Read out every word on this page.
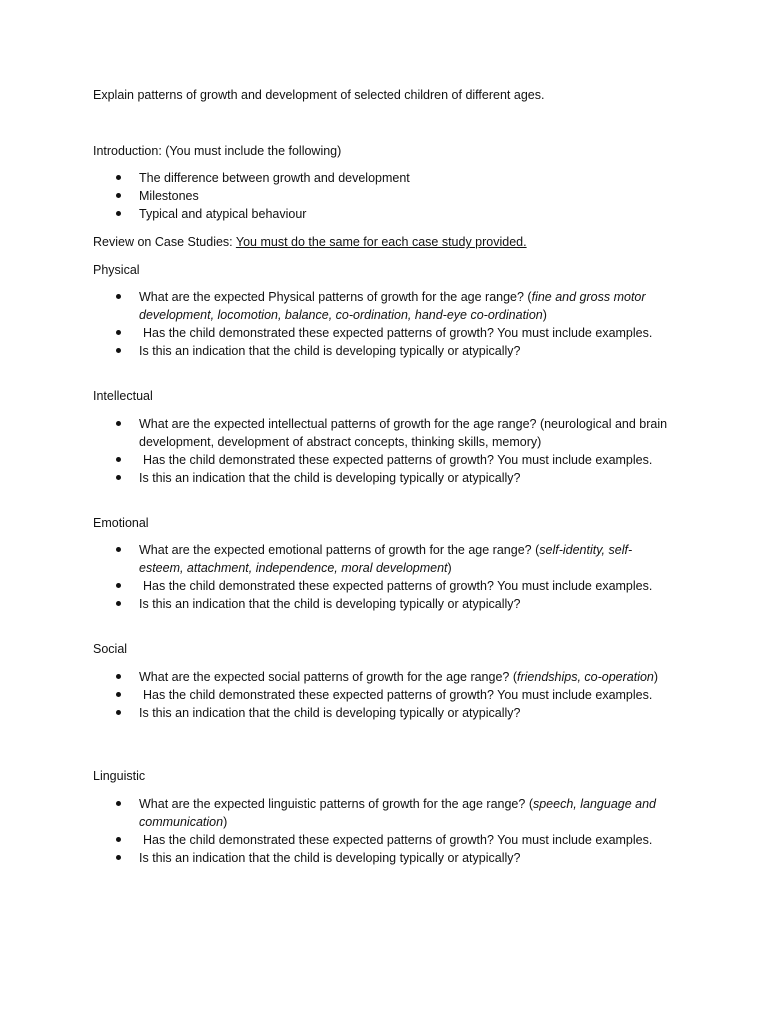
Explain patterns of growth and development of selected children of different ages.
Introduction: (You must include the following)
The difference between growth and development
Milestones
Typical and atypical behaviour
Review on Case Studies: You must do the same for each case study provided.
Physical
What are the expected Physical patterns of growth for the age range? (fine and gross motor development, locomotion, balance, co-ordination, hand-eye co-ordination)
Has the child demonstrated these expected patterns of growth? You must include examples.
Is this an indication that the child is developing typically or atypically?
Intellectual
What are the expected intellectual patterns of growth for the age range? (neurological and brain development, development of abstract concepts, thinking skills, memory)
Has the child demonstrated these expected patterns of growth? You must include examples.
Is this an indication that the child is developing typically or atypically?
Emotional
What are the expected emotional patterns of growth for the age range? (self-identity, self-esteem, attachment, independence, moral development)
Has the child demonstrated these expected patterns of growth? You must include examples.
Is this an indication that the child is developing typically or atypically?
Social
What are the expected social patterns of growth for the age range? (friendships, co-operation)
Has the child demonstrated these expected patterns of growth? You must include examples.
Is this an indication that the child is developing typically or atypically?
Linguistic
What are the expected linguistic patterns of growth for the age range? (speech, language and communication)
Has the child demonstrated these expected patterns of growth? You must include examples.
Is this an indication that the child is developing typically or atypically?
